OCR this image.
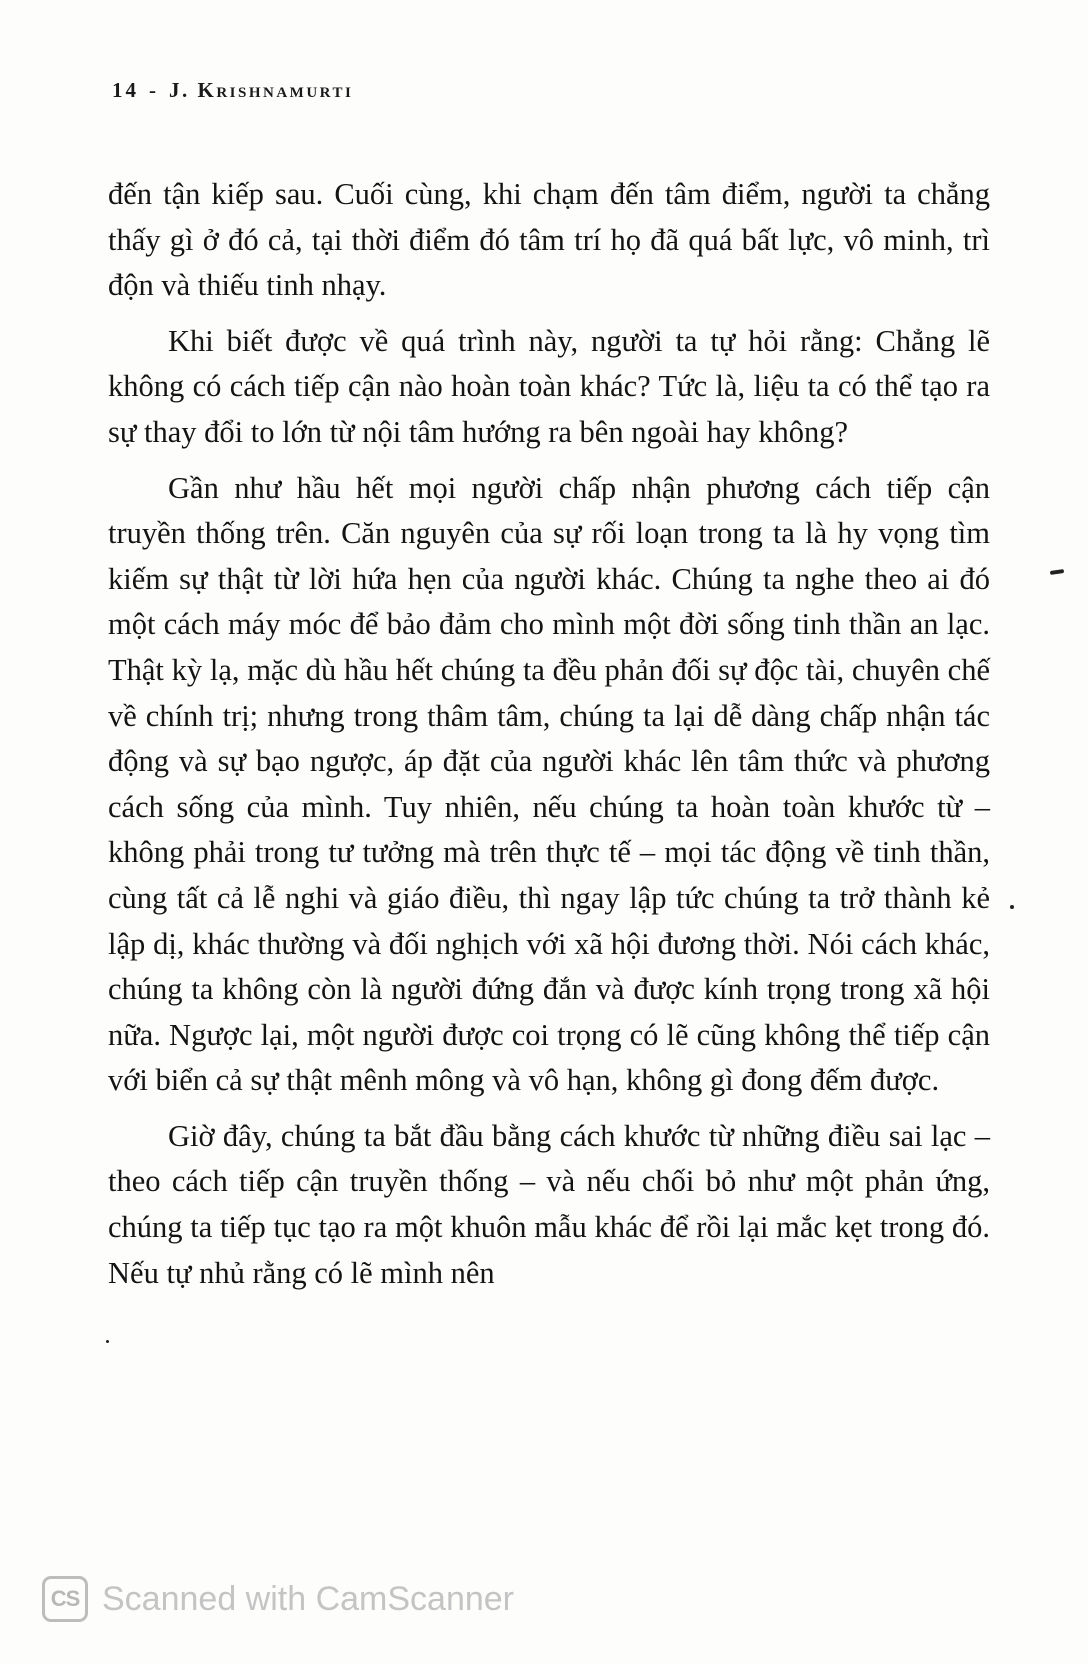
14 - J. Krishnamurti

đến tận kiếp sau. Cuối cùng, khi chạm đến tâm điểm, người ta chẳng thấy gì ở đó cả, tại thời điểm đó tâm trí họ đã quá bất lực, vô minh, trì độn và thiếu tinh nhạy.

Khi biết được về quá trình này, người ta tự hỏi rằng: Chẳng lẽ không có cách tiếp cận nào hoàn toàn khác? Tức là, liệu ta có thể tạo ra sự thay đổi to lớn từ nội tâm hướng ra bên ngoài hay không?

Gần như hầu hết mọi người chấp nhận phương cách tiếp cận truyền thống trên. Căn nguyên của sự rối loạn trong ta là hy vọng tìm kiếm sự thật từ lời hứa hẹn của người khác. Chúng ta nghe theo ai đó một cách máy móc để bảo đảm cho mình một đời sống tinh thần an lạc. Thật kỳ lạ, mặc dù hầu hết chúng ta đều phản đối sự độc tài, chuyên chế về chính trị; nhưng trong thâm tâm, chúng ta lại dễ dàng chấp nhận tác động và sự bạo ngược, áp đặt của người khác lên tâm thức và phương cách sống của mình. Tuy nhiên, nếu chúng ta hoàn toàn khước từ – không phải trong tư tưởng mà trên thực tế – mọi tác động về tinh thần, cùng tất cả lễ nghi và giáo điều, thì ngay lập tức chúng ta trở thành kẻ lập dị, khác thường và đối nghịch với xã hội đương thời. Nói cách khác, chúng ta không còn là người đứng đắn và được kính trọng trong xã hội nữa. Ngược lại, một người được coi trọng có lẽ cũng không thể tiếp cận với biển cả sự thật mênh mông và vô hạn, không gì đong đếm được.

Giờ đây, chúng ta bắt đầu bằng cách khước từ những điều sai lạc – theo cách tiếp cận truyền thống – và nếu chối bỏ như một phản ứng, chúng ta tiếp tục tạo ra một khuôn mẫu khác để rồi lại mắc kẹt trong đó. Nếu tự nhủ rằng có lẽ mình nên

CS Scanned with CamScanner
